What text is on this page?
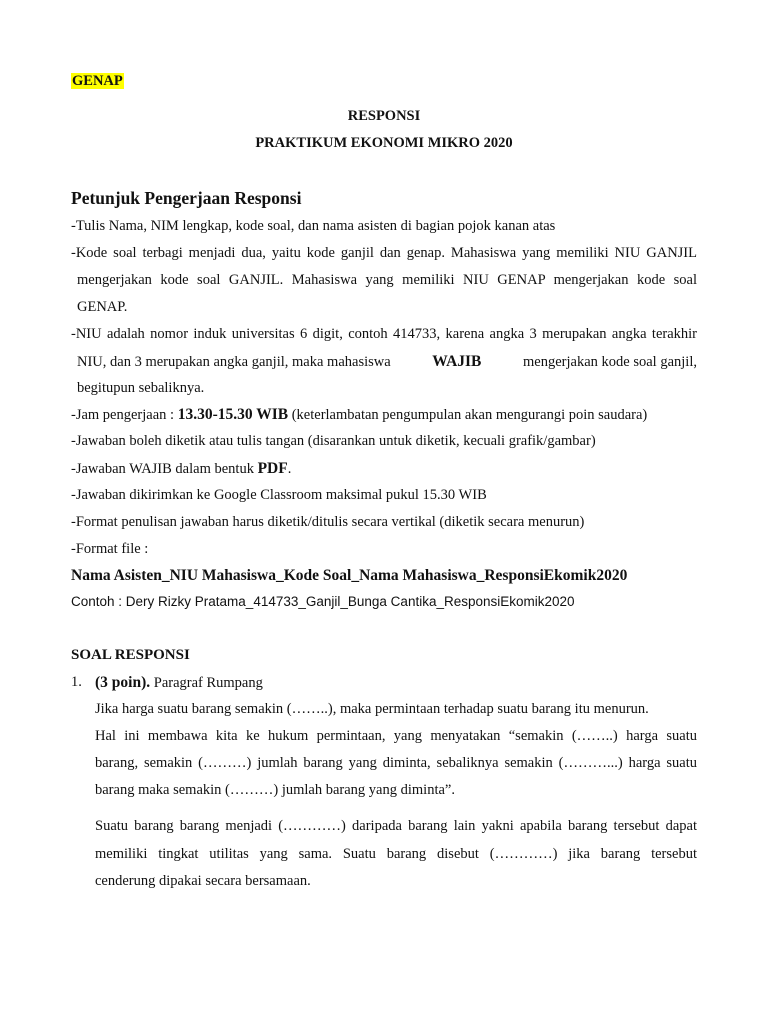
GENAP
RESPONSI
PRAKTIKUM EKONOMI MIKRO 2020
Petunjuk Pengerjaan Responsi
-Tulis Nama, NIM lengkap, kode soal, dan nama asisten di bagian pojok kanan atas
-Kode soal terbagi menjadi dua, yaitu kode ganjil dan genap. Mahasiswa yang memiliki NIU GANJIL
mengerjakan kode soal GANJIL. Mahasiswa yang memiliki NIU GENAP mengerjakan kode soal
GENAP.
-NIU adalah nomor induk universitas 6 digit, contoh 414733, karena angka 3 merupakan angka terakhir
NIU, dan 3 merupakan angka ganjil, maka mahasiswa	WAJIB	mengerjakan kode soal ganjil,
begitupun sebaliknya.
-Jam pengerjaan : 13.30-15.30 WIB (keterlambatan pengumpulan akan mengurangi poin saudara)
-Jawaban boleh diketik atau tulis tangan (disarankan untuk diketik, kecuali grafik/gambar)
-Jawaban WAJIB dalam bentuk PDF.
-Jawaban dikirimkan ke Google Classroom maksimal pukul 15.30 WIB
-Format penulisan jawaban harus diketik/ditulis secara vertikal (diketik secara menurun)
-Format file :
Nama Asisten_NIU Mahasiswa_Kode Soal_Nama Mahasiswa_ResponsiEkomik2020
Contoh : Dery Rizky Pratama_414733_Ganjil_Bunga Cantika_ResponsiEkomik2020
SOAL RESPONSI
1. (3 poin). Paragraf Rumpang
Jika harga suatu barang semakin (……..), maka permintaan terhadap suatu barang itu menurun.
Hal ini membawa kita ke hukum permintaan, yang menyatakan “semakin (……..) harga suatu
barang, semakin (………) jumlah barang yang diminta, sebaliknya semakin (………...) harga suatu
barang maka semakin (………) jumlah barang yang diminta”.
Suatu barang barang menjadi (…………) daripada barang lain yakni apabila barang tersebut dapat
memiliki tingkat utilitas yang sama. Suatu barang disebut (…………) jika barang tersebut
cenderung dipakai secara bersamaan.
